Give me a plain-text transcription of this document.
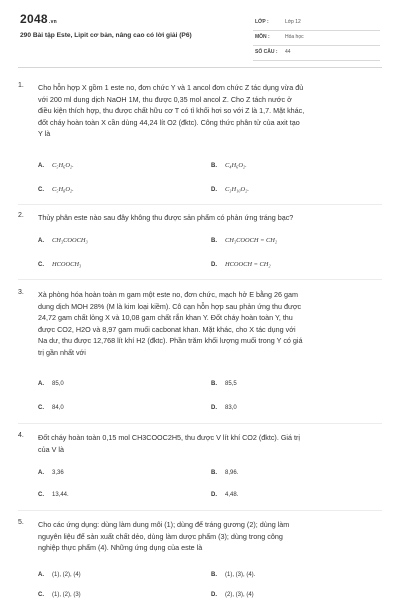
2048.vn
290 Bài tập Este, Lipit cơ bản, nâng cao có lời giải (P6)
LỚP :	Lớp 12
MÔN :	Hóa học
SỐ CÂU : 44
1. Cho hỗn hợp X gồm 1 este no, đơn chức Y và 1 ancol đơn chức Z tác dụng vừa đủ
với 200 ml dung dịch NaOH 1M, thu được 0,35 mol ancol Z. Cho Z tách nước ở
điều kiện thích hợp, thu được chất hữu cơ T có tỉ khối hơi so với Z là 1,7. Mặt khác,
đốt cháy hoàn toàn X cần dùng 44,24 lít O2 (đktc). Công thức phân tử của axit tạo
Y là
A. C₅H₆O₂.	B. C₄H₆O₂.
C. C₅H₈O₂.	D. C₃H₁₀O₂.
2. Thủy phân este nào sau đây không thu được sản phẩm có phản ứng tráng bạc?
A. CH₃COOCH₃	B. CH₃COOCH = CH₂
C. HCOOCH₃	D. HCOOCH = CH₂
3. Xà phòng hóa hoàn toàn m gam một este no, đơn chức, mạch hở E bằng 26 gam
dung dịch MOH 28% (M là kim loại kiềm). Cô cạn hỗn hợp sau phản ứng thu được
24,72 gam chất lỏng X và 10,08 gam chất rắn khan Y. Đốt cháy hoàn toàn Y, thu
được CO2, H2O và 8,97 gam muối cacbonat khan. Mặt khác, cho X tác dụng với
Na dư, thu được 12,768 lít khí H2 (đktc). Phần trăm khối lượng muối trong Y có giá
trị gần nhất với
A. 85,0	B. 85,5
C. 84,0	D. 83,0
4. Đốt cháy hoàn toàn 0,15 mol CH3COOC2H5, thu được V lít khí CO2 (đktc). Giá trị
của V là
A. 3,36	B. 8,96.
C. 13,44.	D. 4,48.
5. Cho các ứng dụng: dùng làm dung môi (1); dùng để tráng gương (2); dùng làm
nguyên liệu để sản xuất chất dẻo, dùng làm dược phẩm (3); dùng trong công
nghiệp thực phẩm (4). Những ứng dụng của este là
A. (1), (2), (4)	B. (1), (3), (4).
C. (1), (2), (3)	D. (2), (3), (4)
